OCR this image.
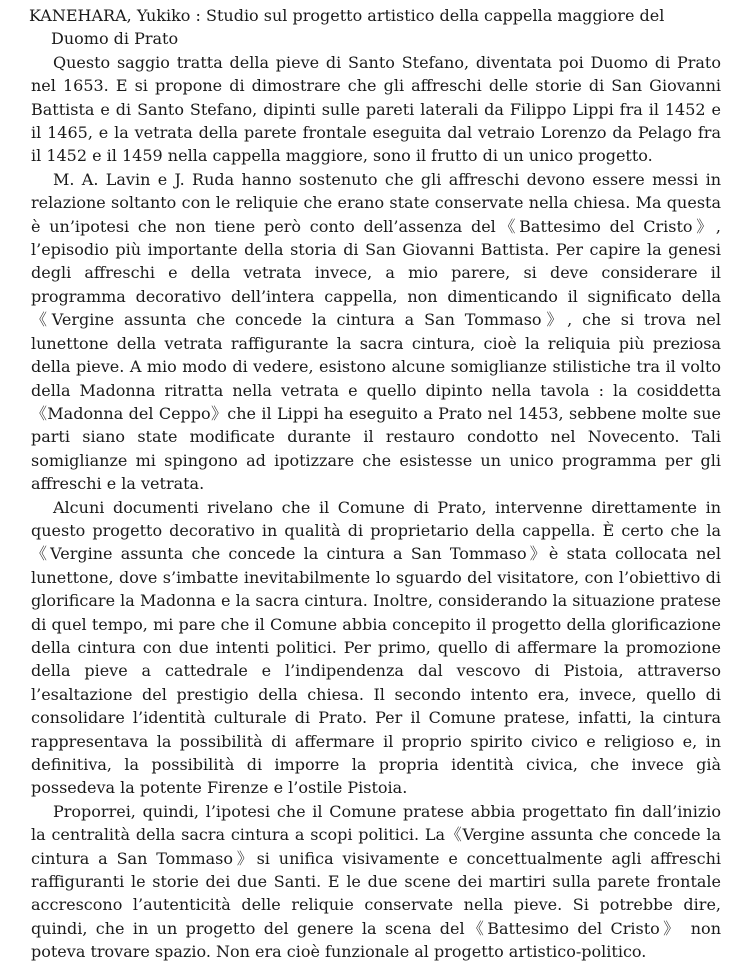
KANEHARA, Yukiko : Studio sul progetto artistico della cappella maggiore del Duomo di Prato

Questo saggio tratta della pieve di Santo Stefano, diventata poi Duomo di Prato nel 1653. E si propone di dimostrare che gli affreschi delle storie di San Giovanni Battista e di Santo Stefano, dipinti sulle pareti laterali da Filippo Lippi fra il 1452 e il 1465, e la vetrata della parete frontale eseguita dal vetraio Lorenzo da Pelago fra il 1452 e il 1459 nella cappella maggiore, sono il frutto di un unico progetto.

M. A. Lavin e J. Ruda hanno sostenuto che gli affreschi devono essere messi in relazione soltanto con le reliquie che erano state conservate nella chiesa. Ma questa è un’ipotesi che non tiene però conto dell’assenza del《Battesimo del Cristo》, l’episodio più importante della storia di San Giovanni Battista. Per capire la genesi degli affreschi e della vetrata invece, a mio parere, si deve considerare il programma decorativo dell’intera cappella, non dimenticando il significato della《Vergine assunta che concede la cintura a San Tommaso》, che si trova nel lunettone della vetrata raffigurante la sacra cintura, cioè la reliquia più preziosa della pieve. A mio modo di vedere, esistono alcune somiglianze stilistiche tra il volto della Madonna ritratta nella vetrata e quello dipinto nella tavola : la cosiddetta《Madonna del Ceppo》che il Lippi ha eseguito a Prato nel 1453, sebbene molte sue parti siano state modificate durante il restauro condotto nel Novecento. Tali somiglianze mi spingono ad ipotizzare che esistesse un unico programma per gli affreschi e la vetrata.

Alcuni documenti rivelano che il Comune di Prato, intervenne direttamente in questo progetto decorativo in qualità di proprietario della cappella. È certo che la《Vergine assunta che concede la cintura a San Tommaso》è stata collocata nel lunettone, dove s’imbatte inevitabilmente lo sguardo del visitatore, con l’obiettivo di glorificare la Madonna e la sacra cintura. Inoltre, considerando la situazione pratese di quel tempo, mi pare che il Comune abbia concepito il progetto della glorificazione della cintura con due intenti politici. Per primo, quello di affermare la promozione della pieve a cattedrale e l’indipendenza dal vescovo di Pistoia, attraverso l’esaltazione del prestigio della chiesa. Il secondo intento era, invece, quello di consolidare l’identità culturale di Prato. Per il Comune pratese, infatti, la cintura rappresentava la possibilità di affermare il proprio spirito civico e religioso e, in definitiva, la possibilità di imporre la propria identità civica, che invece già possedeva la potente Firenze e l’ostile Pistoia.

Proporrei, quindi, l’ipotesi che il Comune pratese abbia progettato fin dall’inizio la centralità della sacra cintura a scopi politici. La《Vergine assunta che concede la cintura a San Tommaso》si unifica visivamente e concettualmente agli affreschi raffiguranti le storie dei due Santi. E le due scene dei martiri sulla parete frontale accrescono l’autenticità delle reliquie conservate nella pieve. Si potrebbe dire, quindi, che in un progetto del genere la scena del《Battesimo del Cristo》 non poteva trovare spazio. Non era cioè funzionale al progetto artistico-politico.
